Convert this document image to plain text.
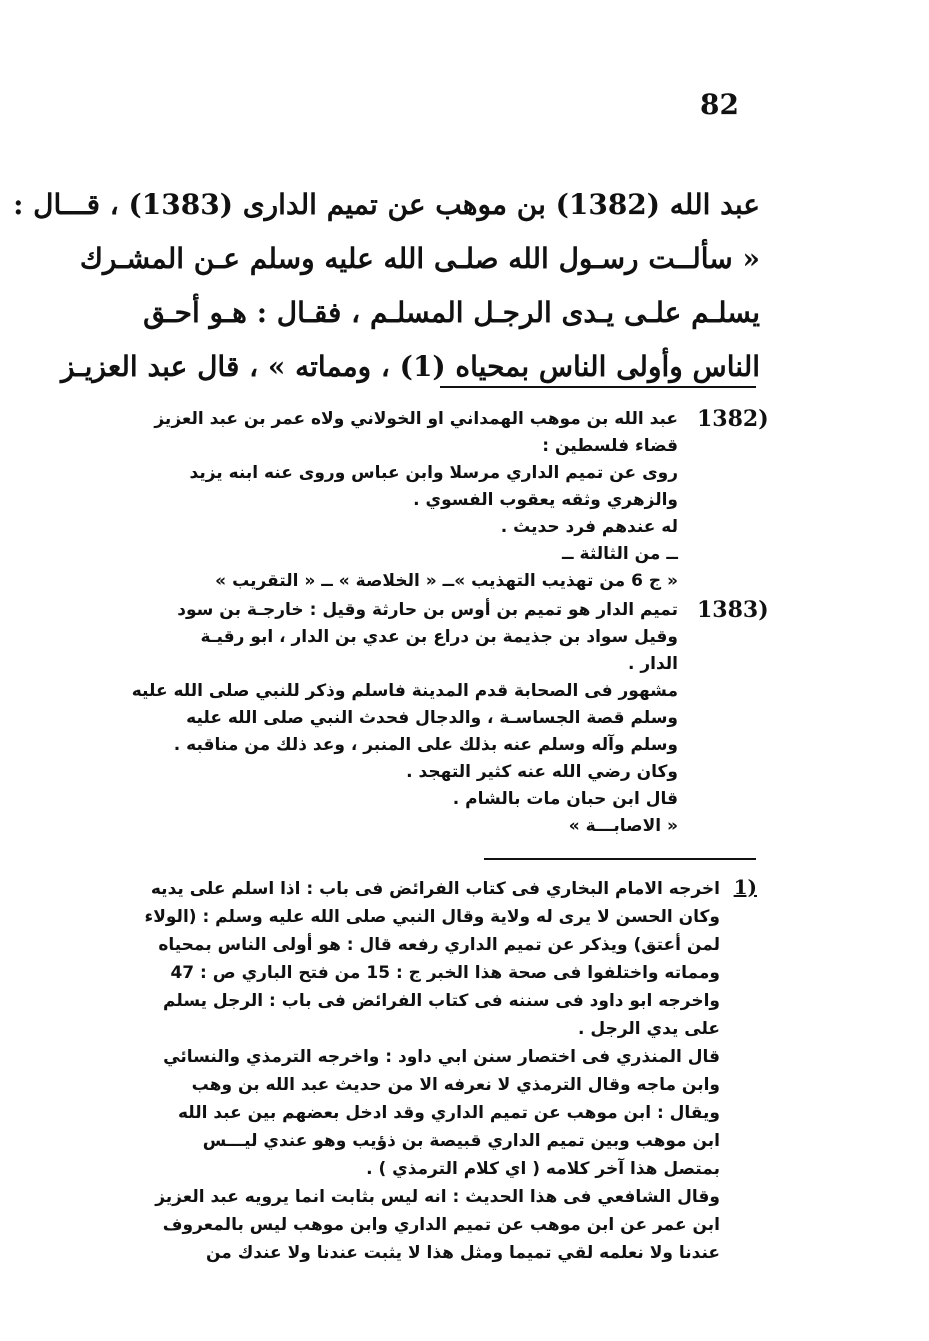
82
عبد الله (1382) بن موهب عن تميم الدارى (1383) ، قـــال :
« سألــت رسـول الله صلـى الله عليه وسلم عـن المشـرك
يسلـم علـى يـدى الرجـل المسلـم ، فقـال : هـو أحـق
الناس وأولى الناس بمحياه (1) ، ومماته » ، قال عبد العزيـز
1382)
عبد الله بن موهب الهمداني او الخولاني ولاه عمر بن عبد العزيز
قضاء فلسطين :
روى عن تميم الداري مرسلا وابن عباس وروى عنه ابنه يزيد
والزهري وثقه يعقوب الفسوي .
له عندهم فرد حديث .
ــ من الثالثة ــ
« ج 6 من تهذيب التهذيب »ــ « الخلاصة » ــ « التقريب »
1383)
تميم الدار هو تميم بن أوس بن حارثة وقيل : خارجـة بن سود
وقيل سواد بن جذيمة بن دراع بن عدي بن الدار ، ابو رقيـة
الدار .
مشهور فى الصحابة قدم المدينة فاسلم وذكر للنبي صلى الله عليه
وسلم قصة الجساسـة ، والدجال فحدث النبي صلى الله عليه
وسلم وآله وسلم عنه بذلك على المنبر ، وعد ذلك من مناقبه .
وكان رضي الله عنه كثير التهجد .
قال ابن حبان مات بالشام .
« الاصابـــة »
1)
اخرجه الامام البخاري فى كتاب الفرائض فى باب : اذا اسلم على يديه
وكان الحسن لا يرى له ولاية وقال النبي صلى الله عليه وسلم : (الولاء
لمن أعتق) ويذكر عن تميم الداري رفعه قال : هو أولى الناس بمحياه
ومماته واختلفوا فى صحة هذا الخبر ج : 15 من فتح الباري ص : 47
واخرجه ابو داود فى سننه فى كتاب الفرائض فى باب : الرجل يسلم
على يدي الرجل .
قال المنذري فى اختصار سنن ابي داود : واخرجه الترمذي والنسائي
وابن ماجه وقال الترمذي لا نعرفه الا من حديث عبد الله بن وهب
ويقال : ابن موهب عن تميم الداري وقد ادخل بعضهم بين عبد الله
ابن موهب وبين تميم الداري قبيصة بن ذؤيب وهو عندي ليـــس
بمتصل هذا آخر كلامه ( اي كلام الترمذي ) .
وقال الشافعي فى هذا الحديث : انه ليس بثابت انما يرويه عبد العزيز
ابن عمر عن ابن موهب عن تميم الداري وابن موهب ليس بالمعروف
عندنا ولا نعلمه لقي تميما ومثل هذا لا يثبت عندنا ولا عندك من
